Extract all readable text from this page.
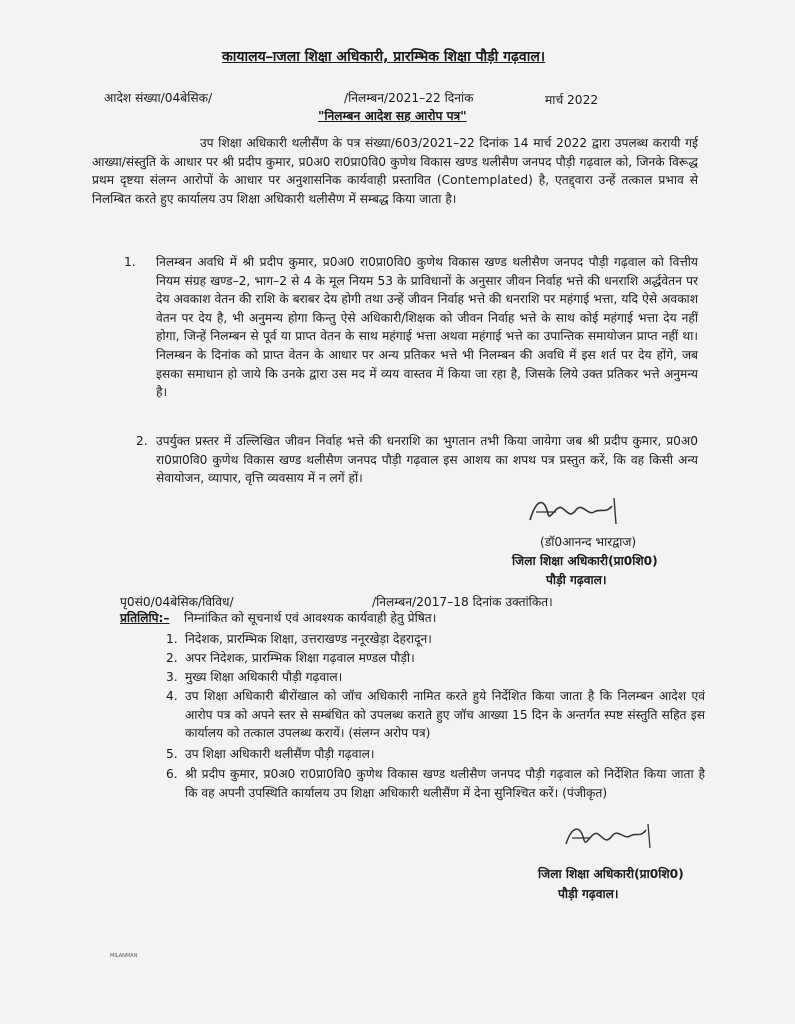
कायालय–ाजला शिक्षा अधिकारी, प्रारम्भिक शिक्षा पौड़ी गढ़वाल।
आदेश संख्या/04बेसिक/	/निलम्बन/2021–22 दिनांक	मार्च 2022
"निलम्बन आदेश सह आरोप पत्र"
उप शिक्षा अधिकारी थलीसैंण के पत्र संख्या/603/2021–22 दिनांक 14 मार्च 2022 द्वारा उपलब्ध करायी गई आख्या/संस्तुति के आधार पर श्री प्रदीप कुमार, प्र0अ0 रा0प्रा0वि0 कुणेथ विकास खण्ड थलीसैण जनपद पौड़ी गढ़वाल को, जिनके विरूद्ध प्रथम दृष्टया संलग्न आरोपों के आधार पर अनुशासनिक कार्यवाही प्रस्तावित (Contemplated) है, एतद्द्वारा उन्हें तत्काल प्रभाव से निलम्बित करते हुए कार्यालय उप शिक्षा अधिकारी थलीसैण में सम्बद्ध किया जाता है।
1. निलम्बन अवधि में श्री प्रदीप कुमार, प्र0अ0 रा0प्रा0वि0 कुणेथ विकास खण्ड थलीसैण जनपद पौड़ी गढ़वाल को वित्तीय नियम संग्रह खण्ड–2, भाग–2 से 4 के मूल नियम 53 के प्राविधानों के अनुसार जीवन निर्वाह भत्ते की धनराशि अर्द्धवेतन पर देय अवकाश वेतन की राशि के बराबर देय होगी तथा उन्हें जीवन निर्वाह भत्ते की धनराशि पर महंगाई भत्ता, यदि ऐसे अवकाश वेतन पर देय है, भी अनुमन्य होगा किन्तु ऐसे अधिकारी/शिक्षक को जीवन निर्वाह भत्ते के साथ कोई महंगाई भत्ता देय नहीं होगा, जिन्हें निलम्बन से पूर्व या प्राप्त वेतन के साथ महंगाई भत्ता अथवा महंगाई भत्ते का उपान्तिक समायोजन प्राप्त नहीं था। निलम्बन के दिनांक को प्राप्त वेतन के आधार पर अन्य प्रतिकर भत्ते भी निलम्बन की अवधि में इस शर्त पर देय होंगे, जब इसका समाधान हो जाये कि उनके द्वारा उस मद में व्यय वास्तव में किया जा रहा है, जिसके लिये उक्त प्रतिकर भत्ते अनुमन्य है।
2. उपर्युक्त प्रस्तर में उल्लिखित जीवन निर्वाह भत्ते की धनराशि का भुगतान तभी किया जायेगा जब श्री प्रदीप कुमार, प्र0अ0 रा0प्रा0वि0 कुणेथ विकास खण्ड थलीसैण जनपद पौड़ी गढ़वाल इस आशय का शपथ पत्र प्रस्तुत करें, कि वह किसी अन्य सेवायोजन, व्यापार, वृत्ति व्यवसाय में न लगें हों।
(डॉ0आनन्द भारद्वाज)
जिला शिक्षा अधिकारी(प्रा0शि0)
पौड़ी गढ़वाल।
पृ0सं0/04बेसिक/विविध/	/निलम्बन/2017–18 दिनांक उक्तांकित।
प्रतिलिपि:– निम्नांकित को सूचनार्थ एवं आवश्यक कार्यवाही हेतु प्रेषित।
1. निदेशक, प्रारम्भिक शिक्षा, उत्तराखण्ड ननूरखेड़ा देहरादून।
2. अपर निदेशक, प्रारम्भिक शिक्षा गढ़वाल मण्डल पौड़ी।
3. मुख्य शिक्षा अधिकारी पौड़ी गढ़वाल।
4. उप शिक्षा अधिकारी बीरोंखाल को जॉच अधिकारी नामित करते हुये निर्देशित किया जाता है कि निलम्बन आदेश एवं आरोप पत्र को अपने स्तर से सम्बंधित को उपलब्ध कराते हुए जॉच आख्या 15 दिन के अन्तर्गत स्पष्ट संस्तुति सहित इस कार्यालय को तत्काल उपलब्ध करायें। (संलग्न अरोप पत्र)
5. उप शिक्षा अधिकारी थलीसैंण पौड़ी गढ़वाल।
6. श्री प्रदीप कुमार, प्र0अ0 रा0प्रा0वि0 कुणेथ विकास खण्ड थलीसैण जनपद पौड़ी गढ़वाल को निर्देशित किया जाता है कि वह अपनी उपस्थिति कार्यालय उप शिक्षा अधिकारी थलीसैंण में देना सुनिश्चित करें। (पंजीकृत)
जिला शिक्षा अधिकारी(प्रा0शि0)
पौड़ी गढ़वाल।
MILANMAN
